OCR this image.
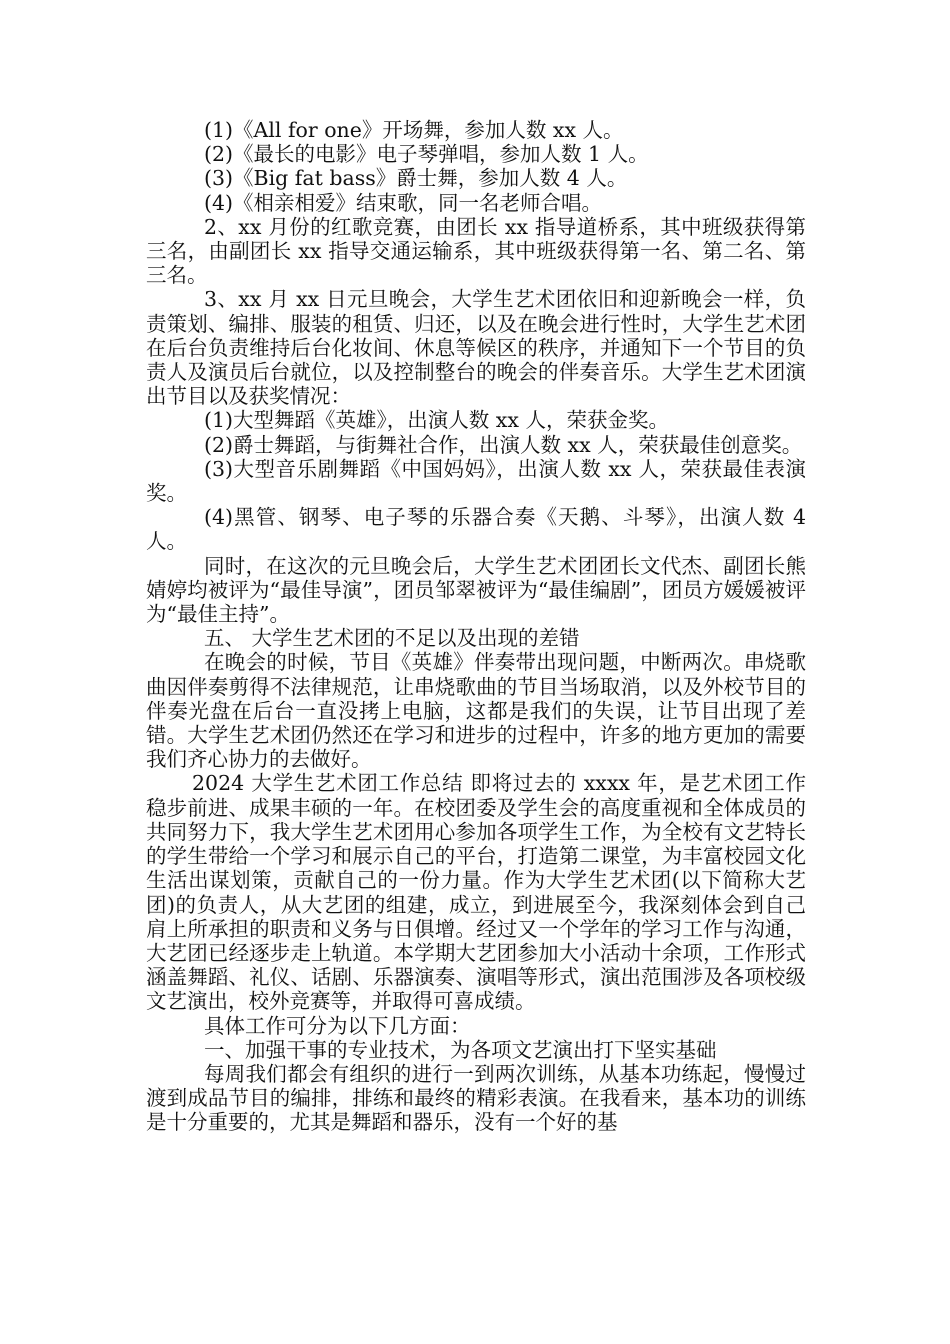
(1)《All for one》开场舞，参加人数 xx 人。
(2)《最长的电影》电子琴弹唱，参加人数 1 人。
(3)《Big fat bass》爵士舞，参加人数 4 人。
(4)《相亲相爱》结束歌，同一名老师合唱。

2、xx 月份的红歌竞赛，由团长 xx 指导道桥系，其中班级获得第三名，由副团长 xx 指导交通运输系，其中班级获得第一名、第二名、第三名。

3、xx 月 xx 日元旦晚会，大学生艺术团依旧和迎新晚会一样，负责策划、编排、服装的租赁、归还，以及在晚会进行性时，大学生艺术团在后台负责维持后台化妆间、休息等候区的秩序，并通知下一个节目的负责人及演员后台就位，以及控制整台的晚会的伴奏音乐。大学生艺术团演出节目以及获奖情况：

(1)大型舞蹈《英雄》，出演人数 xx 人，荣获金奖。

(2)爵士舞蹈，与街舞社合作，出演人数 xx 人，荣获最佳创意奖。

(3)大型音乐剧舞蹈《中国妈妈》，出演人数 xx 人，荣获最佳表演奖。

(4)黑管、钢琴、电子琴的乐器合奏《天鹅、斗琴》，出演人数 4 人。

同时，在这次的元旦晚会后，大学生艺术团团长文代杰、副团长熊婧婷均被评为“最佳导演”，团员邹翠被评为“最佳编剧”，团员方媛媛被评为“最佳主持”。

五、 大学生艺术团的不足以及出现的差错

在晚会的时候，节目《英雄》伴奏带出现问题，中断两次。串烧歌曲因伴奏剪得不法律规范，让串烧歌曲的节目当场取消，以及外校节目的伴奏光盘在后台一直没拷上电脑，这都是我们的失误，让节目出现了差错。大学生艺术团仍然还在学习和进步的过程中，许多的地方更加的需要我们齐心协力的去做好。

2024 大学生艺术团工作总结 即将过去的 xxxx 年，是艺术团工作稳步前进、成果丰硕的一年。在校团委及学生会的高度重视和全体成员的共同努力下，我大学生艺术团用心参加各项学生工作，为全校有文艺特长的学生带给一个学习和展示自己的平台，打造第二课堂，为丰富校园文化生活出谋划策，贡献自己的一份力量。作为大学生艺术团(以下简称大艺团)的负责人，从大艺团的组建，成立，到进展至今，我深刻体会到自己肩上所承担的职责和义务与日俱增。经过又一个学年的学习工作与沟通，大艺团已经逐步走上轨道。本学期大艺团参加大小活动十余项，工作形式涵盖舞蹈、礼仪、话剧、乐器演奏、演唱等形式，演出范围涉及各项校级文艺演出，校外竞赛等，并取得可喜成绩。

具体工作可分为以下几方面：
一、加强干事的专业技术，为各项文艺演出打下坚实基础

每周我们都会有组织的进行一到两次训练，从基本功练起，慢慢过渡到成品节目的编排，排练和最终的精彩表演。在我看来，基本功的训练是十分重要的，尤其是舞蹈和器乐，没有一个好的基
